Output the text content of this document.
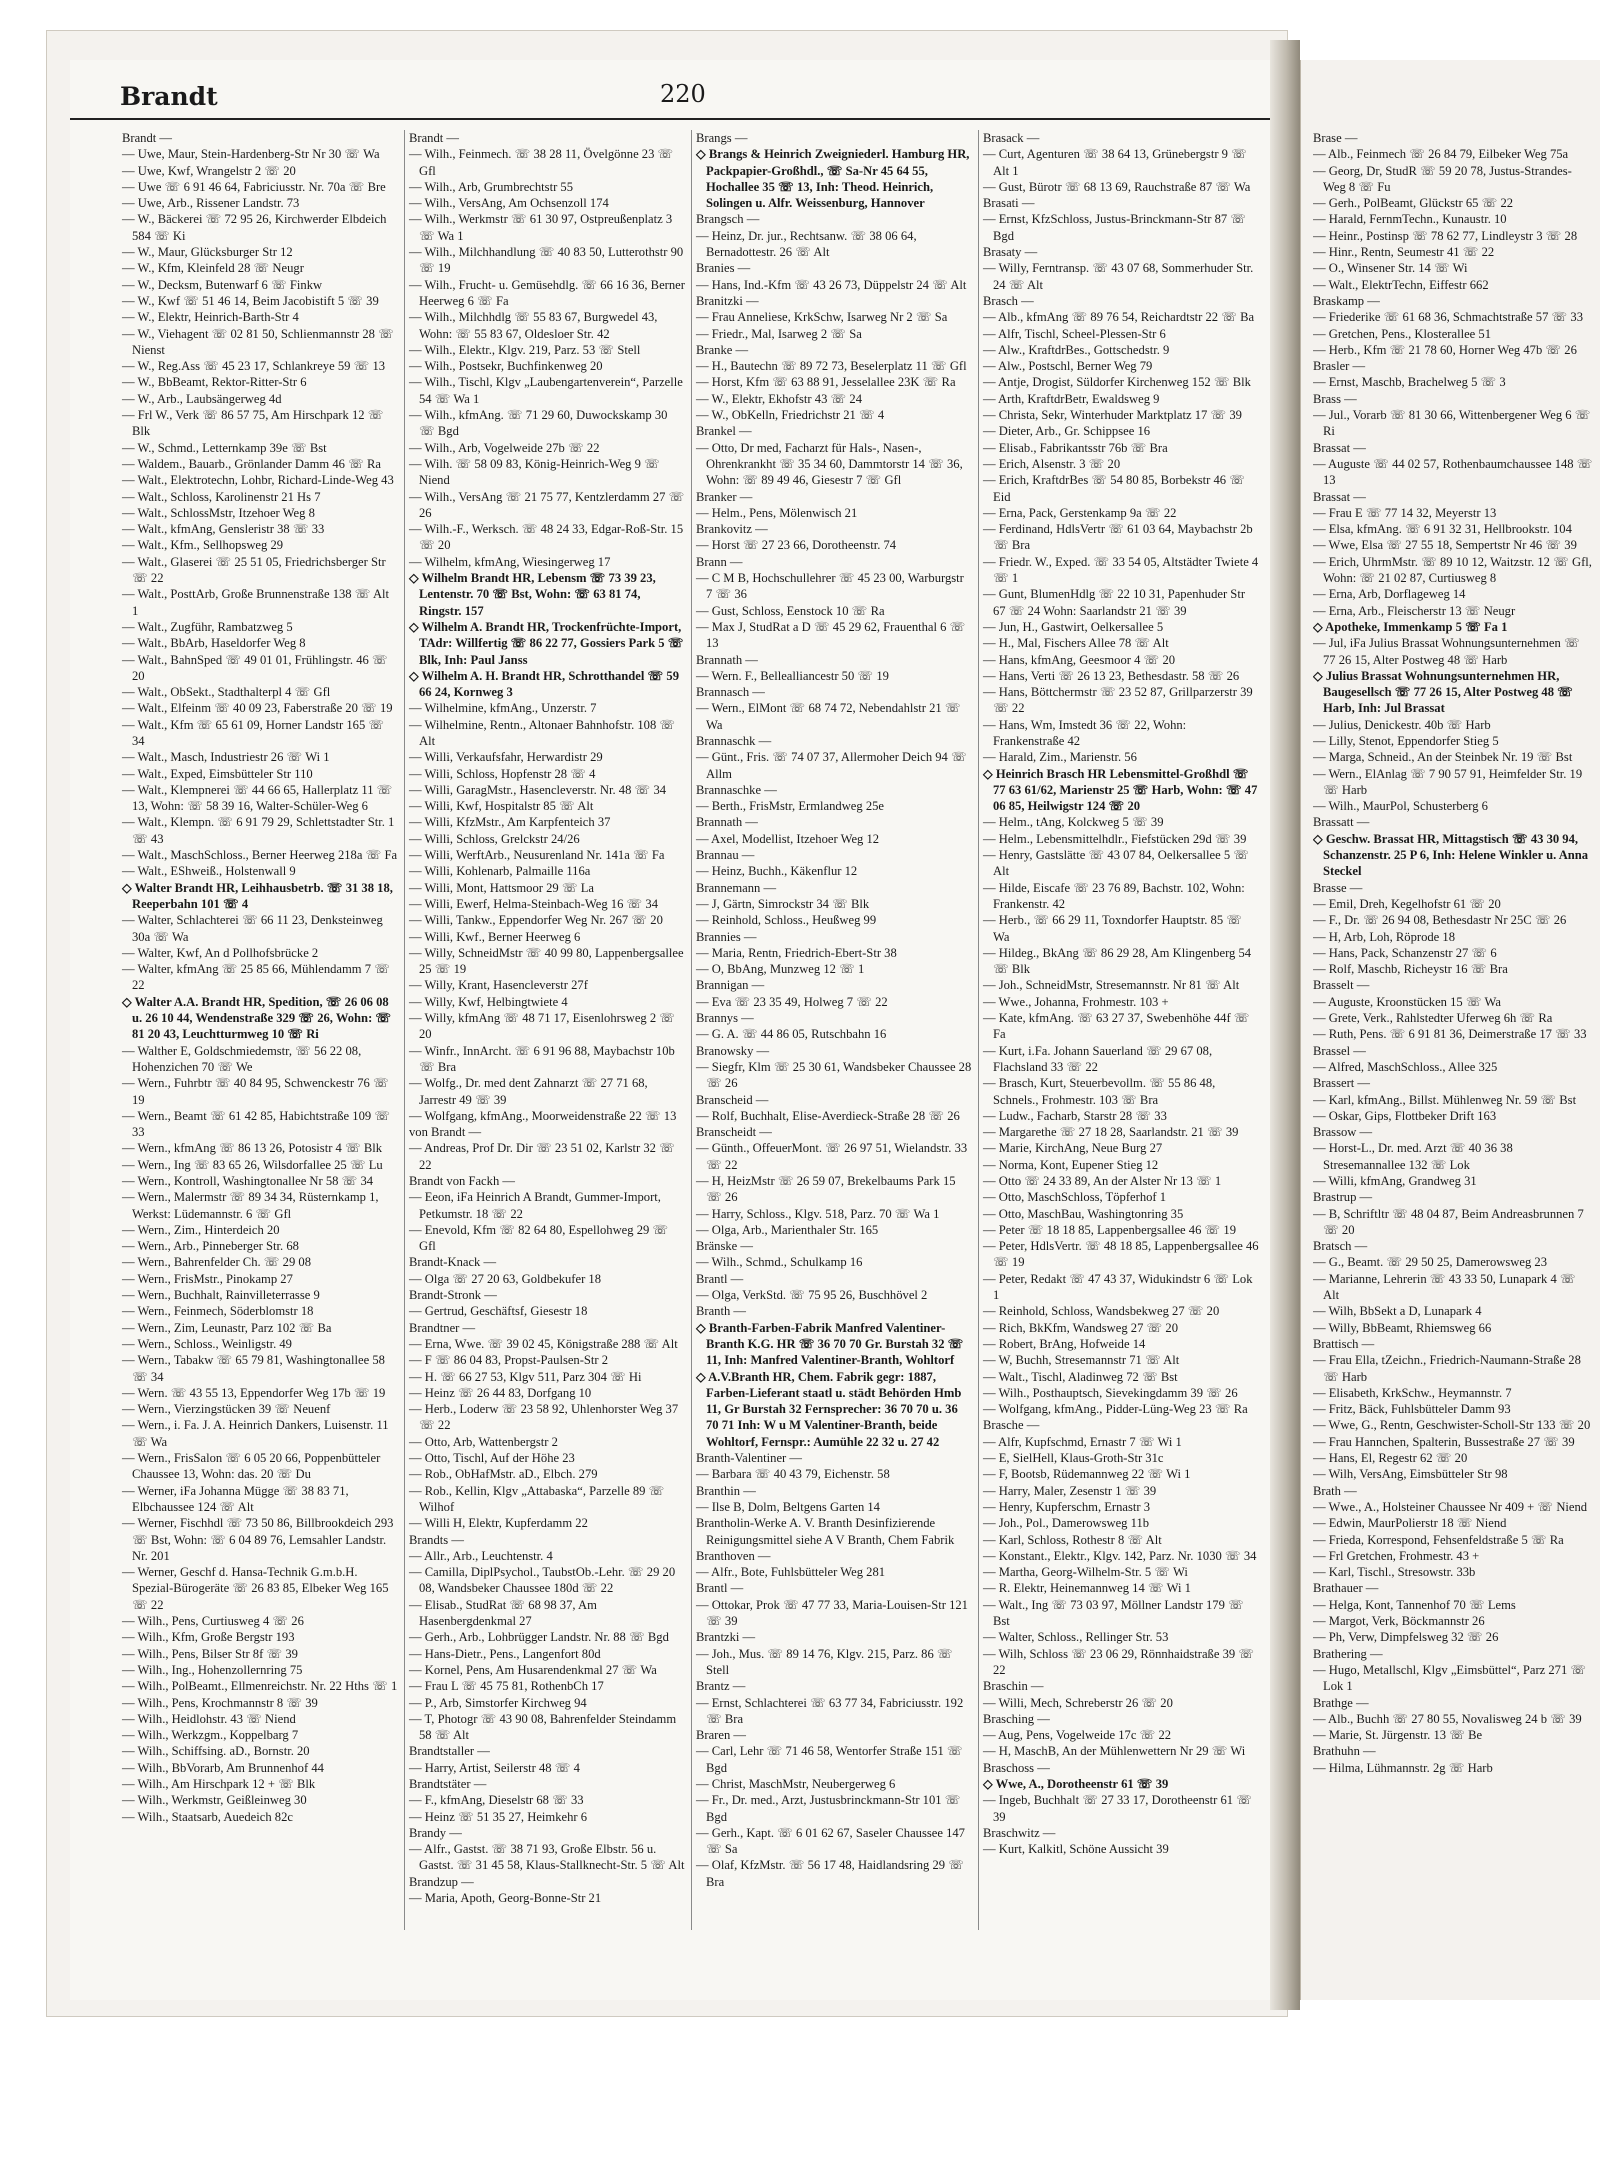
Brandt	220

Brandt —

— Uwe, Maur, Stein-Hardenberg-Str Nr 30 ☏ Wa

— Uwe, Kwf, Wrangelstr 2 ☏ 20

— Uwe ☏ 6 91 46 64, Fabriciusstr. Nr. 70a ☏ Bre

— Uwe, Arb., Rissener Landstr. 73

— W., Bäckerei ☏ 72 95 26, Kirchwerder Elbdeich 584 ☏ Ki

— W., Maur, Glücksburger Str 12

— W., Kfm, Kleinfeld 28 ☏ Neugr

— W., Decksm, Butenwarf 6 ☏ Finkw

— W., Kwf ☏ 51 46 14, Beim Jacobistift 5 ☏ 39

— W., Elektr, Heinrich-Barth-Str 4

— W., Viehagent ☏ 02 81 50, Schlienmannstr 28 ☏ Nienst

— W., Reg.Ass ☏ 45 23 17, Schlankreye 59 ☏ 13

— W., BbBeamt, Rektor-Ritter-Str 6

— W., Arb., Laubsängerweg 4d

— Frl W., Verk ☏ 86 57 75, Am Hirschpark 12 ☏ Blk

— W., Schmd., Letternkamp 39e ☏ Bst

— Waldem., Bauarb., Grönlander Damm 46 ☏ Ra

— Walt., Elektrotechn, Lohbr, Richard-Linde-Weg 43

— Walt., Schloss, Karolinenstr 21 Hs 7

— Walt., SchlossMstr, Itzehoer Weg 8

— Walt., kfmAng, Gensleristr 38 ☏ 33

— Walt., Kfm., Sellhopsweg 29

— Walt., Glaserei ☏ 25 51 05, Friedrichsberger Str ☏ 22

— Walt., PosttArb, Große Brunnenstraße 138 ☏ Alt 1

— Walt., Zugführ, Rambatzweg 5

— Walt., BbArb, Haseldorfer Weg 8

— Walt., BahnSped ☏ 49 01 01, Frühlingstr. 46 ☏ 20

— Walt., ObSekt., Stadthalterpl 4 ☏ Gfl

— Walt., Elfeinm ☏ 40 09 23, Faberstraße 20 ☏ 19

— Walt., Kfm ☏ 65 61 09, Horner Landstr 165 ☏ 34

— Walt., Masch, Industriestr 26 ☏ Wi 1

— Walt., Exped, Eimsbütteler Str 110

— Walt., Klempnerei ☏ 44 66 65, Hallerplatz 11 ☏ 13, Wohn: ☏ 58 39 16, Walter-Schüler-Weg 6

— Walt., Klempn. ☏ 6 91 79 29, Schlettstadter Str. 1 ☏ 43

— Walt., MaschSchloss., Berner Heerweg 218a ☏ Fa

— Walt., EShweiß., Holstenwall 9

◇ Walter Brandt HR, Leihhausbetrb. ☏ 31 38 18, Reeperbahn 101 ☏ 4

— Walter, Schlachterei ☏ 66 11 23, Denksteinweg 30a ☏ Wa

— Walter, Kwf, An d Pollhofsbrücke 2

— Walter, kfmAng ☏ 25 85 66, Mühlendamm 7 ☏ 22

◇ Walter A.A. Brandt HR, Spedition, ☏ 26 06 08 u. 26 10 44, Wendenstraße 329 ☏ 26, Wohn: ☏ 81 20 43, Leuchtturmweg 10 ☏ Ri

— Walther E, Goldschmiedemstr, ☏ 56 22 08, Hohenzichen 70 ☏ We

— Wern., Fuhrbtr ☏ 40 84 95, Schwenckestr 76 ☏ 19

— Wern., Beamt ☏ 61 42 85, Habichtstraße 109 ☏ 33

— Wern., kfmAng ☏ 86 13 26, Potosistr 4 ☏ Blk

— Wern., Ing ☏ 83 65 26, Wilsdorfallee 25 ☏ Lu

— Wern., Kontroll, Washingtonallee Nr 58 ☏ 34

— Wern., Malermstr ☏ 89 34 34, Rüsternkamp 1, Werkst: Lüdemannstr. 6 ☏ Gfl

— Wern., Zim., Hinterdeich 20

— Wern., Arb., Pinneberger Str. 68

— Wern., Bahrenfelder Ch. ☏ 29 08

— Wern., FrisMstr., Pinokamp 27

— Wern., Buchhalt, Rainvilleterrasse 9

— Wern., Feinmech, Söderblomstr 18

— Wern., Zim, Leunastr, Parz 102 ☏ Ba

— Wern., Schloss., Weinligstr. 49

— Wern., Tabakw ☏ 65 79 81, Washingtonallee 58 ☏ 34

— Wern. ☏ 43 55 13, Eppendorfer Weg 17b ☏ 19

— Wern., Vierzingstücken 39 ☏ Neuenf

— Wern., i. Fa. J. A. Heinrich Dankers, Luisenstr. 11 ☏ Wa

— Wern., FrisSalon ☏ 6 05 20 66, Poppenbütteler Chaussee 13, Wohn: das. 20 ☏ Du

— Werner, iFa Johanna Mügge ☏ 38 83 71, Elbchaussee 124 ☏ Alt

— Werner, Fischhdl ☏ 73 50 86, Billbrookdeich 293 ☏ Bst, Wohn: ☏ 6 04 89 76, Lemsahler Landstr. Nr. 201

— Werner, Geschf d. Hansa-Technik G.m.b.H. Spezial-Bürogeräte ☏ 26 83 85, Elbeker Weg 165 ☏ 22

— Wilh., Pens, Curtiusweg 4 ☏ 26

— Wilh., Kfm, Große Bergstr 193

— Wilh., Pens, Bilser Str 8f ☏ 39

— Wilh., Ing., Hohenzollernring 75

— Wilh., PolBeamt., Ellmenreichstr. Nr. 22 Hths ☏ 1

— Wilh., Pens, Krochmannstr 8 ☏ 39

— Wilh., Heidlohstr. 43 ☏ Niend

— Wilh., Werkzgm., Koppelbarg 7

— Wilh., Schiffsing. aD., Bornstr. 20

— Wilh., BbVorarb, Am Brunnenhof 44

— Wilh., Am Hirschpark 12 + ☏ Blk

— Wilh., Werkmstr, Geißleinweg 30

— Wilh., Staatsarb, Auedeich 82c

Brandt —

— Wilh., Feinmech. ☏ 38 28 11, Övelgönne 23 ☏ Gfl

— Wilh., Arb, Grumbrechtstr 55

— Wilh., VersAng, Am Ochsenzoll 174

— Wilh., Werkmstr ☏ 61 30 97, Ostpreußenplatz 3 ☏ Wa 1

— Wilh., Milchhandlung ☏ 40 83 50, Lutterothstr 90 ☏ 19

— Wilh., Frucht- u. Gemüsehdlg. ☏ 66 16 36, Berner Heerweg 6 ☏ Fa

— Wilh., Milchhdlg ☏ 55 83 67, Burgwedel 43, Wohn: ☏ 55 83 67, Oldesloer Str. 42

— Wilh., Elektr., Klgv. 219, Parz. 53 ☏ Stell

— Wilh., Postsekr, Buchfinkenweg 20

— Wilh., Tischl, Klgv „Laubengartenverein“, Parzelle 54 ☏ Wa 1

— Wilh., kfmAng. ☏ 71 29 60, Duwockskamp 30 ☏ Bgd

— Wilh., Arb, Vogelweide 27b ☏ 22

— Wilh. ☏ 58 09 83, König-Heinrich-Weg 9 ☏ Niend

— Wilh., VersAng ☏ 21 75 77, Kentzlerdamm 27 ☏ 26

— Wilh.-F., Werksch. ☏ 48 24 33, Edgar-Roß-Str. 15 ☏ 20

— Wilhelm, kfmAng, Wiesingerweg 17

◇ Wilhelm Brandt HR, Lebensm ☏ 73 39 23, Lentenstr. 70 ☏ Bst, Wohn: ☏ 63 81 74, Ringstr. 157

◇ Wilhelm A. Brandt HR, Trockenfrüchte-Import, TAdr: Willfertig ☏ 86 22 77, Gossiers Park 5 ☏ Blk, Inh: Paul Janss

◇ Wilhelm A. H. Brandt HR, Schrotthandel ☏ 59 66 24, Kornweg 3

— Wilhelmine, kfmAng., Unzerstr. 7

— Wilhelmine, Rentn., Altonaer Bahnhofstr. 108 ☏ Alt

— Willi, Verkaufsfahr, Herwardistr 29

— Willi, Schloss, Hopfenstr 28 ☏ 4

— Willi, GaragMstr., Hasencleverstr. Nr. 48 ☏ 34

— Willi, Kwf, Hospitalstr 85 ☏ Alt

— Willi, KfzMstr., Am Karpfenteich 37

— Willi, Schloss, Grelckstr 24/26

— Willi, WerftArb., Neusurenland Nr. 141a ☏ Fa

— Willi, Kohlenarb, Palmaille 116a

— Willi, Mont, Hattsmoor 29 ☏ La

— Willi, Ewerf, Helma-Steinbach-Weg 16 ☏ 34

— Willi, Tankw., Eppendorfer Weg Nr. 267 ☏ 20

— Willi, Kwf., Berner Heerweg 6

— Willy, SchneidMstr ☏ 40 99 80, Lappenbergsallee 25 ☏ 19

— Willy, Krant, Hasencleverstr 27f

— Willy, Kwf, Helbingtwiete 4

— Willy, kfmAng ☏ 48 71 17, Eisenlohrsweg 2 ☏ 20

— Winfr., InnArcht. ☏ 6 91 96 88, Maybachstr 10b ☏ Bra

— Wolfg., Dr. med dent Zahnarzt ☏ 27 71 68, Jarrestr 49 ☏ 39

— Wolfgang, kfmAng., Moorweidenstraße 22 ☏ 13

von Brandt —

— Andreas, Prof Dr. Dir ☏ 23 51 02, Karlstr 32 ☏ 22

Brandt von Fackh —

— Eeon, iFa Heinrich A Brandt, Gummer-Import, Petkumstr. 18 ☏ 22

— Enevold, Kfm ☏ 82 64 80, Espellohweg 29 ☏ Gfl

Brandt-Knack —

— Olga ☏ 27 20 63, Goldbekufer 18

Brandt-Stronk —

— Gertrud, Geschäftsf, Giesestr 18

Brandtner —

— Erna, Wwe. ☏ 39 02 45, Königstraße 288 ☏ Alt

— F ☏ 86 04 83, Propst-Paulsen-Str 2

— H. ☏ 66 27 53, Klgv 511, Parz 304 ☏ Hi

— Heinz ☏ 26 44 83, Dorfgang 10

— Herb., Loderw ☏ 23 58 92, Uhlenhorster Weg 37 ☏ 22

— Otto, Arb, Wattenbergstr 2

— Otto, Tischl, Auf der Höhe 23

— Rob., ObHafMstr. aD., Elbch. 279

— Rob., Kellin, Klgv „Attabaska“, Parzelle 89 ☏ Wilhof

— Willi H, Elektr, Kupferdamm 22

Brandts —

— Allr., Arb., Leuchtenstr. 4

— Camilla, DiplPsychol., TaubstOb.-Lehr. ☏ 29 20 08, Wandsbeker Chaussee 180d ☏ 22

— Elisab., StudRat ☏ 68 98 37, Am Hasenbergdenkmal 27

— Gerh., Arb., Lohbrügger Landstr. Nr. 88 ☏ Bgd

— Hans-Dietr., Pens., Langenfort 80d

— Kornel, Pens, Am Husarendenkmal 27 ☏ Wa

— Frau L ☏ 45 75 81, RothenbCh 17

— P., Arb, Simstorfer Kirchweg 94

— T, Photogr ☏ 43 90 08, Bahrenfelder Steindamm 58 ☏ Alt

Brandtstaller —

— Harry, Artist, Seilerstr 48 ☏ 4

Brandtstäter —

— F., kfmAng, Dieselstr 68 ☏ 33

— Heinz ☏ 51 35 27, Heimkehr 6

Brandy —

— Alfr., Gastst. ☏ 38 71 93, Große Elbstr. 56 u. Gastst. ☏ 31 45 58, Klaus-Stallknecht-Str. 5 ☏ Alt

Brandzup —

— Maria, Apoth, Georg-Bonne-Str 21

Brangs —

◇ Brangs & Heinrich Zweigniederl. Hamburg HR, Packpapier-Großhdl., ☏ Sa-Nr 45 64 55, Hochallee 35 ☏ 13, Inh: Theod. Heinrich, Solingen u. Alfr. Weissenburg, Hannover

Brangsch —

— Heinz, Dr. jur., Rechtsanw. ☏ 38 06 64, Bernadottestr. 26 ☏ Alt

Branies —

— Hans, Ind.-Kfm ☏ 43 26 73, Düppelstr 24 ☏ Alt

Branitzki —

— Frau Anneliese, KrkSchw, Isarweg Nr 2 ☏ Sa

— Friedr., Mal, Isarweg 2 ☏ Sa

Branke —

— H., Bautechn ☏ 89 72 73, Beselerplatz 11 ☏ Gfl

— Horst, Kfm ☏ 63 88 91, Jesselallee 23K ☏ Ra

— W., Elektr, Ekhofstr 43 ☏ 24

— W., ObKelln, Friedrichstr 21 ☏ 4

Brankel —

— Otto, Dr med, Facharzt für Hals-, Nasen-, Ohrenkrankht ☏ 35 34 60, Dammtorstr 14 ☏ 36, Wohn: ☏ 89 49 46, Giesestr 7 ☏ Gfl

Branker —

— Helm., Pens, Mölenwisch 21

Brankovitz —

— Horst ☏ 27 23 66, Dorotheenstr. 74

Brann —

— C M B, Hochschullehrer ☏ 45 23 00, Warburgstr 7 ☏ 36

— Gust, Schloss, Eenstock 10 ☏ Ra

— Max J, StudRat a D ☏ 45 29 62, Frauenthal 6 ☏ 13

Brannath —

— Wern. F., Bellealliancestr 50 ☏ 19

Brannasch —

— Wern., ElMont ☏ 68 74 72, Nebendahlstr 21 ☏ Wa

Brannaschk —

— Günt., Fris. ☏ 74 07 37, Allermoher Deich 94 ☏ Allm

Brannaschke —

— Berth., FrisMstr, Ermlandweg 25e

Brannath —

— Axel, Modellist, Itzehoer Weg 12

Brannau —

— Heinz, Buchh., Käkenflur 12

Brannemann —

— J, Gärtn, Simrockstr 34 ☏ Blk

— Reinhold, Schloss., Heußweg 99

Brannies —

— Maria, Rentn, Friedrich-Ebert-Str 38

— O, BbAng, Munzweg 12 ☏ 1

Brannigan —

— Eva ☏ 23 35 49, Holweg 7 ☏ 22

Brannys —

— G. A. ☏ 44 86 05, Rutschbahn 16

Branowsky —

— Siegfr, Klm ☏ 25 30 61, Wandsbeker Chaussee 28 ☏ 26

Branscheid —

— Rolf, Buchhalt, Elise-Averdieck-Straße 28 ☏ 26

Branscheidt —

— Günth., OffeuerMont. ☏ 26 97 51, Wielandstr. 33 ☏ 22

— H, HeizMstr ☏ 26 59 07, Brekelbaums Park 15 ☏ 26

— Harry, Schloss., Klgv. 518, Parz. 70 ☏ Wa 1

— Olga, Arb., Marienthaler Str. 165

Bränske —

— Wilh., Schmd., Schulkamp 16

Brantl —

— Olga, VerkStd. ☏ 75 95 26, Buschhövel 2

Branth —

◇ Branth-Farben-Fabrik Manfred Valentiner-Branth K.G. HR ☏ 36 70 70 Gr. Burstah 32 ☏ 11, Inh: Manfred Valentiner-Branth, Wohltorf

◇ A.V.Branth HR, Chem. Fabrik gegr: 1887, Farben-Lieferant staatl u. städt Behörden Hmb 11, Gr Burstah 32 Fernsprecher: 36 70 70 u. 36 70 71 Inh: W u M Valentiner-Branth, beide Wohltorf, Fernspr.: Aumühle 22 32 u. 27 42

Branth-Valentiner —

— Barbara ☏ 40 43 79, Eichenstr. 58

Branthin —

— Ilse B, Dolm, Beltgens Garten 14

Brantholin-Werke A. V. Branth Desinfizierende Reinigungsmittel siehe A V Branth, Chem Fabrik

Branthoven —

— Alfr., Bote, Fuhlsbütteler Weg 281

Brantl —

— Ottokar, Prok ☏ 47 77 33, Maria-Louisen-Str 121 ☏ 39

Brantzki —

— Joh., Mus. ☏ 89 14 76, Klgv. 215, Parz. 86 ☏ Stell

Brantz —

— Ernst, Schlachterei ☏ 63 77 34, Fabriciusstr. 192 ☏ Bra

Braren —

— Carl, Lehr ☏ 71 46 58, Wentorfer Straße 151 ☏ Bgd

— Christ, MaschMstr, Neubergerweg 6

— Fr., Dr. med., Arzt, Justusbrinckmann-Str 101 ☏ Bgd

— Gerh., Kapt. ☏ 6 01 62 67, Saseler Chaussee 147 ☏ Sa

— Olaf, KfzMstr. ☏ 56 17 48, Haidlandsring 29 ☏ Bra

Brasack —

— Curt, Agenturen ☏ 38 64 13, Grünebergstr 9 ☏ Alt 1

— Gust, Bürotr ☏ 68 13 69, Rauchstraße 87 ☏ Wa

Brasati —

— Ernst, KfzSchloss, Justus-Brinckmann-Str 87 ☏ Bgd

Brasaty —

— Willy, Ferntransp. ☏ 43 07 68, Sommerhuder Str. 24 ☏ Alt

Brasch —

— Alb., kfmAng ☏ 89 76 54, Reichardtstr 22 ☏ Ba

— Alfr, Tischl, Scheel-Plessen-Str 6

— Alw., KraftdrBes., Gottschedstr. 9

— Alw., Postschl, Berner Weg 79

— Antje, Drogist, Süldorfer Kirchenweg 152 ☏ Blk

— Arth, KraftdrBetr, Ewaldsweg 9

— Christa, Sekr, Winterhuder Marktplatz 17 ☏ 39

— Dieter, Arb., Gr. Schippsee 16

— Elisab., Fabrikantsstr 76b ☏ Bra

— Erich, Alsenstr. 3 ☏ 20

— Erich, KraftdrBes ☏ 54 80 85, Borbekstr 46 ☏ Eid

— Erna, Pack, Gerstenkamp 9a ☏ 22

— Ferdinand, HdlsVertr ☏ 61 03 64, Maybachstr 2b ☏ Bra

— Friedr. W., Exped. ☏ 33 54 05, Altstädter Twiete 4 ☏ 1

— Gunt, BlumenHdlg ☏ 22 10 31, Papenhuder Str 67 ☏ 24 Wohn: Saarlandstr 21 ☏ 39

— Jun, H., Gastwirt, Oelkersallee 5

— H., Mal, Fischers Allee 78 ☏ Alt

— Hans, kfmAng, Geesmoor 4 ☏ 20

— Hans, Verti ☏ 26 13 23, Bethesdastr. 58 ☏ 26

— Hans, Böttchermstr ☏ 23 52 87, Grillparzerstr 39 ☏ 22

— Hans, Wm, Imstedt 36 ☏ 22, Wohn: Frankenstraße 42

— Harald, Zim., Marienstr. 56

◇ Heinrich Brasch HR Lebensmittel-Großhdl ☏ 77 63 61/62, Marienstr 25 ☏ Harb, Wohn: ☏ 47 06 85, Heilwigstr 124 ☏ 20

— Helm., tAng, Kolckweg 5 ☏ 39

— Helm., Lebensmittelhdlr., Fiefstücken 29d ☏ 39

— Henry, Gastslätte ☏ 43 07 84, Oelkersallee 5 ☏ Alt

— Hilde, Eiscafe ☏ 23 76 89, Bachstr. 102, Wohn: Frankenstr. 42

— Herb., ☏ 66 29 11, Toxndorfer Hauptstr. 85 ☏ Wa

— Hildeg., BkAng ☏ 86 29 28, Am Klingenberg 54 ☏ Blk

— Joh., SchneidMstr, Stresemannstr. Nr 81 ☏ Alt

— Wwe., Johanna, Frohmestr. 103 +

— Kate, kfmAng. ☏ 63 27 37, Swebenhöhe 44f ☏ Fa

— Kurt, i.Fa. Johann Sauerland ☏ 29 67 08, Flachsland 33 ☏ 22

— Brasch, Kurt, Steuerbevollm. ☏ 55 86 48, Schnels., Frohmestr. 103 ☏ Bra

— Ludw., Facharb, Starstr 28 ☏ 33

— Margarethe ☏ 27 18 28, Saarlandstr. 21 ☏ 39

— Marie, KirchAng, Neue Burg 27

— Norma, Kont, Eupener Stieg 12

— Otto ☏ 24 33 89, An der Alster Nr 13 ☏ 1

— Otto, MaschSchloss, Töpferhof 1

— Otto, MaschBau, Washingtonring 35

— Peter ☏ 18 18 85, Lappenbergsallee 46 ☏ 19

— Peter, HdlsVertr. ☏ 48 18 85, Lappenbergsallee 46 ☏ 19

— Peter, Redakt ☏ 47 43 37, Widukindstr 6 ☏ Lok 1

— Reinhold, Schloss, Wandsbekweg 27 ☏ 20

— Rich, BkKfm, Wandsweg 27 ☏ 20

— Robert, BrAng, Hofweide 14

— W, Buchh, Stresemannstr 71 ☏ Alt

— Walt., Tischl, Aladinweg 72 ☏ Bst

— Wilh., Posthauptsch, Sievekingdamm 39 ☏ 26

— Wolfgang, kfmAng., Pidder-Lüng-Weg 23 ☏ Ra

Brasche —

— Alfr, Kupfschmd, Ernastr 7 ☏ Wi 1

— E, SielHell, Klaus-Groth-Str 31c

— F, Bootsb, Rüdemannweg 22 ☏ Wi 1

— Harry, Maler, Zesenstr 1 ☏ 39

— Henry, Kupferschm, Ernastr 3

— Joh., Pol., Damerowsweg 11b

— Karl, Schloss, Rothestr 8 ☏ Alt

— Konstant., Elektr., Klgv. 142, Parz. Nr. 1030 ☏ 34

— Martha, Georg-Wilhelm-Str. 5 ☏ Wi

— R. Elektr, Heinemannweg 14 ☏ Wi 1

— Walt., Ing ☏ 73 03 97, Möllner Landstr 179 ☏ Bst

— Walter, Schloss., Rellinger Str. 53

— Wilh, Schloss ☏ 23 06 29, Rönnhaidstraße 39 ☏ 22

Braschin —

— Willi, Mech, Schreberstr 26 ☏ 20

Brasching —

— Aug, Pens, Vogelweide 17c ☏ 22

— H, MaschB, An der Mühlenwettern Nr 29 ☏ Wi

Braschoss —

◇ Wwe, A., Dorotheenstr 61 ☏ 39

— Ingeb, Buchhalt ☏ 27 33 17, Dorotheenstr 61 ☏ 39

Braschwitz —

— Kurt, Kalkitl, Schöne Aussicht 39

Brase —

— Alb., Feinmech ☏ 26 84 79, Eilbeker Weg 75a

— Georg, Dr, StudR ☏ 59 20 78, Justus-Strandes-Weg 8 ☏ Fu

— Gerh., PolBeamt, Glückstr 65 ☏ 22

— Harald, FernmTechn., Kunaustr. 10

— Heinr., Postinsp ☏ 78 62 77, Lindleystr 3 ☏ 28

— Hinr., Rentn, Seumestr 41 ☏ 22

— O., Winsener Str. 14 ☏ Wi

— Walt., ElektrTechn, Eiffestr 662

Braskamp —

— Friederike ☏ 61 68 36, Schmachtstraße 57 ☏ 33

— Gretchen, Pens., Klosterallee 51

— Herb., Kfm ☏ 21 78 60, Horner Weg 47b ☏ 26

Brasler —

— Ernst, Maschb, Brachelweg 5 ☏ 3

Brass —

— Jul., Vorarb ☏ 81 30 66, Wittenbergener Weg 6 ☏ Ri

Brassat —

— Auguste ☏ 44 02 57, Rothenbaumchaussee 148 ☏ 13

Brassat —

— Frau E ☏ 77 14 32, Meyerstr 13

— Elsa, kfmAng. ☏ 6 91 32 31, Hellbrookstr. 104

— Wwe, Elsa ☏ 27 55 18, Sempertstr Nr 46 ☏ 39

— Erich, UhrmMstr. ☏ 89 10 12, Waitzstr. 12 ☏ Gfl, Wohn: ☏ 21 02 87, Curtiusweg 8

— Erna, Arb, Dorflageweg 14

— Erna, Arb., Fleischerstr 13 ☏ Neugr

◇ Apotheke, Immenkamp 5 ☏ Fa 1

— Jul, iFa Julius Brassat Wohnungsunternehmen ☏ 77 26 15, Alter Postweg 48 ☏ Harb

◇ Julius Brassat Wohnungsunternehmen HR, Baugesellsch ☏ 77 26 15, Alter Postweg 48 ☏ Harb, Inh: Jul Brassat

— Julius, Denickestr. 40b ☏ Harb

— Lilly, Stenot, Eppendorfer Stieg 5

— Marga, Schneid., An der Steinbek Nr. 19 ☏ Bst

— Wern., ElAnlag ☏ 7 90 57 91, Heimfelder Str. 19 ☏ Harb

— Wilh., MaurPol, Schusterberg 6

Brassatt —

◇ Geschw. Brassat HR, Mittagstisch ☏ 43 30 94, Schanzenstr. 25 P 6, Inh: Helene Winkler u. Anna Steckel

Brasse —

— Emil, Dreh, Kegelhofstr 61 ☏ 20

— F., Dr. ☏ 26 94 08, Bethesdastr Nr 25C ☏ 26

— H, Arb, Loh, Röprode 18

— Hans, Pack, Schanzenstr 27 ☏ 6

— Rolf, Maschb, Richeystr 16 ☏ Bra

Brasselt —

— Auguste, Kroonstücken 15 ☏ Wa

— Grete, Verk., Rahlstedter Uferweg 6h ☏ Ra

— Ruth, Pens. ☏ 6 91 81 36, Deimerstraße 17 ☏ 33

Brassel —

— Alfred, MaschSchloss., Allee 325

Brassert —

— Karl, kfmAng., Billst. Mühlenweg Nr. 59 ☏ Bst

— Oskar, Gips, Flottbeker Drift 163

Brassow —

— Horst-L., Dr. med. Arzt ☏ 40 36 38 Stresemannallee 132 ☏ Lok

— Willi, kfmAng, Grandweg 31

Brastrup —

— B, Schriftltr ☏ 48 04 87, Beim Andreasbrunnen 7 ☏ 20

Bratsch —

— G., Beamt. ☏ 29 50 25, Damerowsweg 23

— Marianne, Lehrerin ☏ 43 33 50, Lunapark 4 ☏ Alt

— Wilh, BbSekt a D, Lunapark 4

— Willy, BbBeamt, Rhiemsweg 66

Brattisch —

— Frau Ella, tZeichn., Friedrich-Naumann-Straße 28 ☏ Harb

— Elisabeth, KrkSchw., Heymannstr. 7

— Fritz, Bäck, Fuhlsbütteler Damm 93

— Wwe, G., Rentn, Geschwister-Scholl-Str 133 ☏ 20

— Frau Hannchen, Spalterin, Bussestraße 27 ☏ 39

— Hans, El, Regestr 62 ☏ 20

— Wilh, VersAng, Eimsbütteler Str 98

Brath —

— Wwe., A., Holsteiner Chaussee Nr 409 + ☏ Niend

— Edwin, MaurPolierstr 18 ☏ Niend

— Frieda, Korrespond, Fehsenfeldstraße 5 ☏ Ra

— Frl Gretchen, Frohmestr. 43 +

— Karl, Tischl., Stresowstr. 33b

Brathauer —

— Helga, Kont, Tannenhof 70 ☏ Lems

— Margot, Verk, Böckmannstr 26

— Ph, Verw, Dimpfelsweg 32 ☏ 26

Brathering —

— Hugo, Metallschl, Klgv „Eimsbüttel“, Parz 271 ☏ Lok 1

Brathge —

— Alb., Buchh ☏ 27 80 55, Novalisweg 24 b ☏ 39

— Marie, St. Jürgenstr. 13 ☏ Be

Brathuhn —

— Hilma, Lühmannstr. 2g ☏ Harb
